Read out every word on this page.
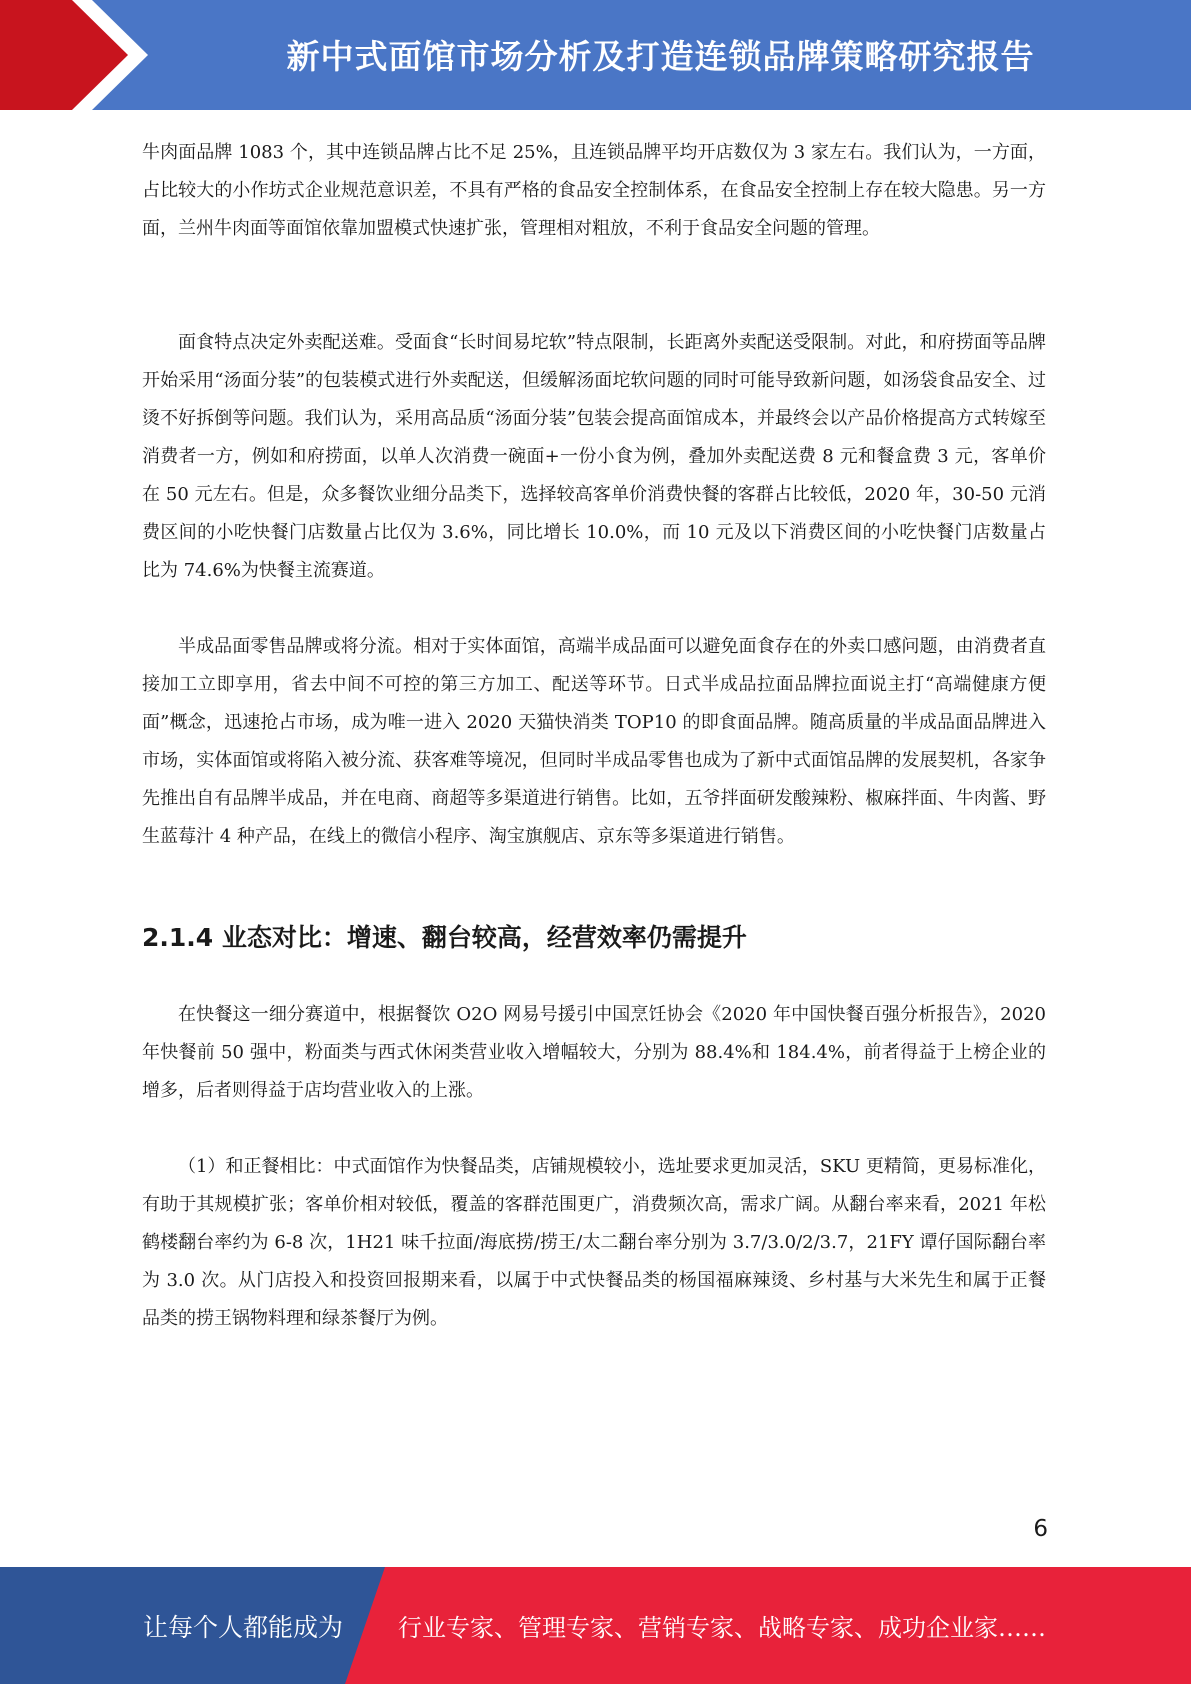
新中式面馆市场分析及打造连锁品牌策略研究报告

牛肉面品牌 1083 个，其中连锁品牌占比不足 25%，且连锁品牌平均开店数仅为 3 家左右。我们认为，一方面，占比较大的小作坊式企业规范意识差，不具有严格的食品安全控制体系，在食品安全控制上存在较大隐患。另一方面，兰州牛肉面等面馆依靠加盟模式快速扩张，管理相对粗放，不利于食品安全问题的管理。

面食特点决定外卖配送难。受面食“长时间易坨软”特点限制，长距离外卖配送受限制。对此，和府捞面等品牌开始采用“汤面分装”的包装模式进行外卖配送，但缓解汤面坨软问题的同时可能导致新问题，如汤袋食品安全、过烫不好拆倒等问题。我们认为，采用高品质“汤面分装”包装会提高面馆成本，并最终会以产品价格提高方式转嫁至消费者一方，例如和府捞面，以单人次消费一碗面+一份小食为例，叠加外卖配送费 8 元和餐盒费 3 元，客单价在 50 元左右。但是，众多餐饮业细分品类下，选择较高客单价消费快餐的客群占比较低，2020 年，30-50 元消费区间的小吃快餐门店数量占比仅为 3.6%，同比增长 10.0%，而 10 元及以下消费区间的小吃快餐门店数量占比为 74.6%为快餐主流赛道。

半成品面零售品牌或将分流。相对于实体面馆，高端半成品面可以避免面食存在的外卖口感问题，由消费者直接加工立即享用，省去中间不可控的第三方加工、配送等环节。日式半成品拉面品牌拉面说主打“高端健康方便面”概念，迅速抢占市场，成为唯一进入 2020 天猫快消类 TOP10 的即食面品牌。随高质量的半成品面品牌进入市场，实体面馆或将陷入被分流、获客难等境况，但同时半成品零售也成为了新中式面馆品牌的发展契机，各家争先推出自有品牌半成品，并在电商、商超等多渠道进行销售。比如，五爷拌面研发酸辣粉、椒麻拌面、牛肉酱、野生蓝莓汁 4 种产品，在线上的微信小程序、淘宝旗舰店、京东等多渠道进行销售。

2.1.4 业态对比：增速、翻台较高，经营效率仍需提升

在快餐这一细分赛道中，根据餐饮 O2O 网易号援引中国烹饪协会《2020 年中国快餐百强分析报告》，2020 年快餐前 50 强中，粉面类与西式休闲类营业收入增幅较大，分别为 88.4%和 184.4%，前者得益于上榜企业的增多，后者则得益于店均营业收入的上涨。

（1）和正餐相比：中式面馆作为快餐品类，店铺规模较小，选址要求更加灵活，SKU 更精简，更易标准化，有助于其规模扩张；客单价相对较低，覆盖的客群范围更广，消费频次高，需求广阔。从翻台率来看，2021 年松鹤楼翻台率约为 6-8 次，1H21 味千拉面/海底捞/捞王/太二翻台率分别为 3.7/3.0/2/3.7，21FY 谭仔国际翻台率为 3.0 次。从门店投入和投资回报期来看，以属于中式快餐品类的杨国福麻辣烫、乡村基与大米先生和属于正餐品类的捞王锅物料理和绿茶餐厅为例。

6
让每个人都能成为 行业专家、管理专家、营销专家、战略专家、成功企业家……
